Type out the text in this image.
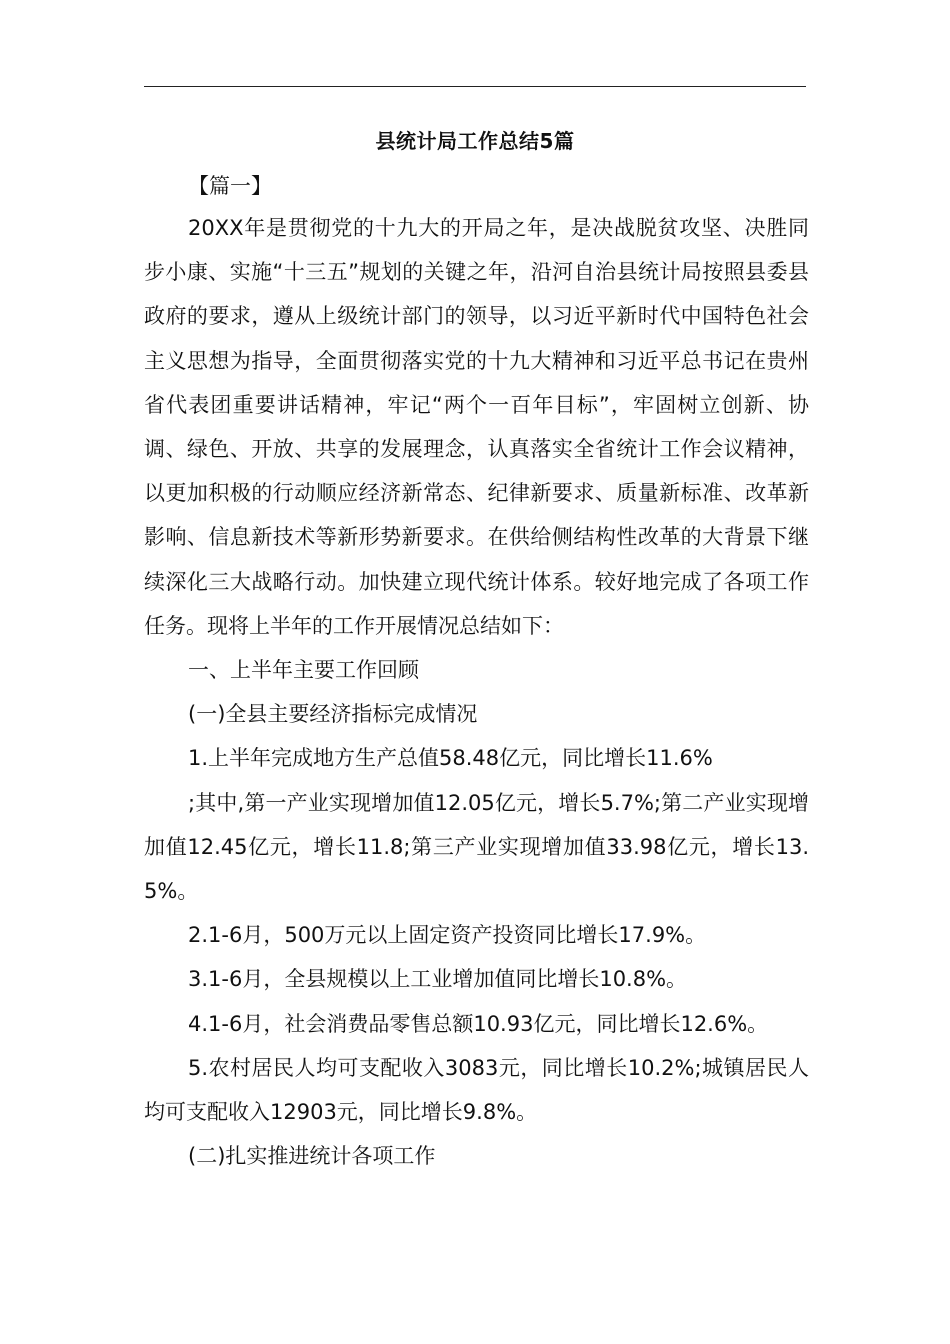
县统计局工作总结5篇
【篇一】

20XX年是贯彻党的十九大的开局之年，是决战脱贫攻坚、决胜同步小康、实施“十三五”规划的关键之年，沿河自治县统计局按照县委县政府的要求，遵从上级统计部门的领导，以习近平新时代中国特色社会主义思想为指导，全面贯彻落实党的十九大精神和习近平总书记在贵州省代表团重要讲话精神，牢记“两个一百年目标”，牢固树立创新、协调、绿色、开放、共享的发展理念，认真落实全省统计工作会议精神，以更加积极的行动顺应经济新常态、纪律新要求、质量新标准、改革新影响、信息新技术等新形势新要求。在供给侧结构性改革的大背景下继续深化三大战略行动。加快建立现代统计体系。较好地完成了各项工作任务。现将上半年的工作开展情况总结如下：

一、上半年主要工作回顾

(一)全县主要经济指标完成情况

1.上半年完成地方生产总值58.48亿元，同比增长11.6%

;其中,第一产业实现增加值12.05亿元，增长5.7%;第二产业实现增加值12.45亿元，增长11.8;第三产业实现增加值33.98亿元，增长13.5%。

2.1-6月，500万元以上固定资产投资同比增长17.9%。

3.1-6月，全县规模以上工业增加值同比增长10.8%。

4.1-6月，社会消费品零售总额10.93亿元，同比增长12.6%。

5.农村居民人均可支配收入3083元，同比增长10.2%;城镇居民人均可支配收入12903元，同比增长9.8%。

(二)扎实推进统计各项工作
